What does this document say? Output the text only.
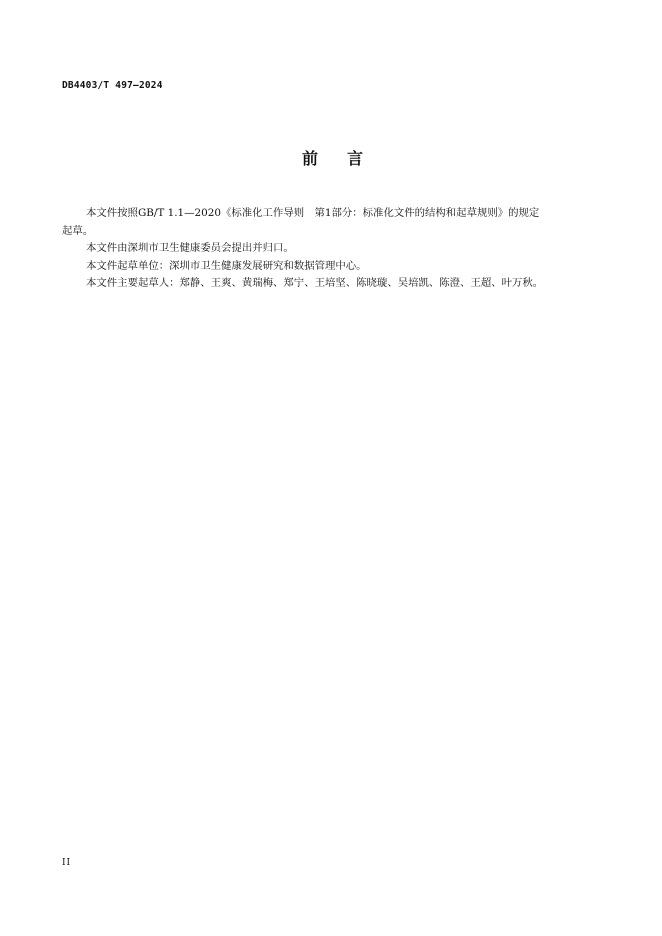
DB4403/T 497—2024
前 言

本文件按照GB/T 1.1—2020《标准化工作导则　第1部分：标准化文件的结构和起草规则》的规定
起草。

本文件由深圳市卫生健康委员会提出并归口。

本文件起草单位：深圳市卫生健康发展研究和数据管理中心。

本文件主要起草人：郑静、王爽、黄瑞梅、郑宁、王培坚、陈晓璇、吴培凯、陈澄、王超、叶万秋。

II
